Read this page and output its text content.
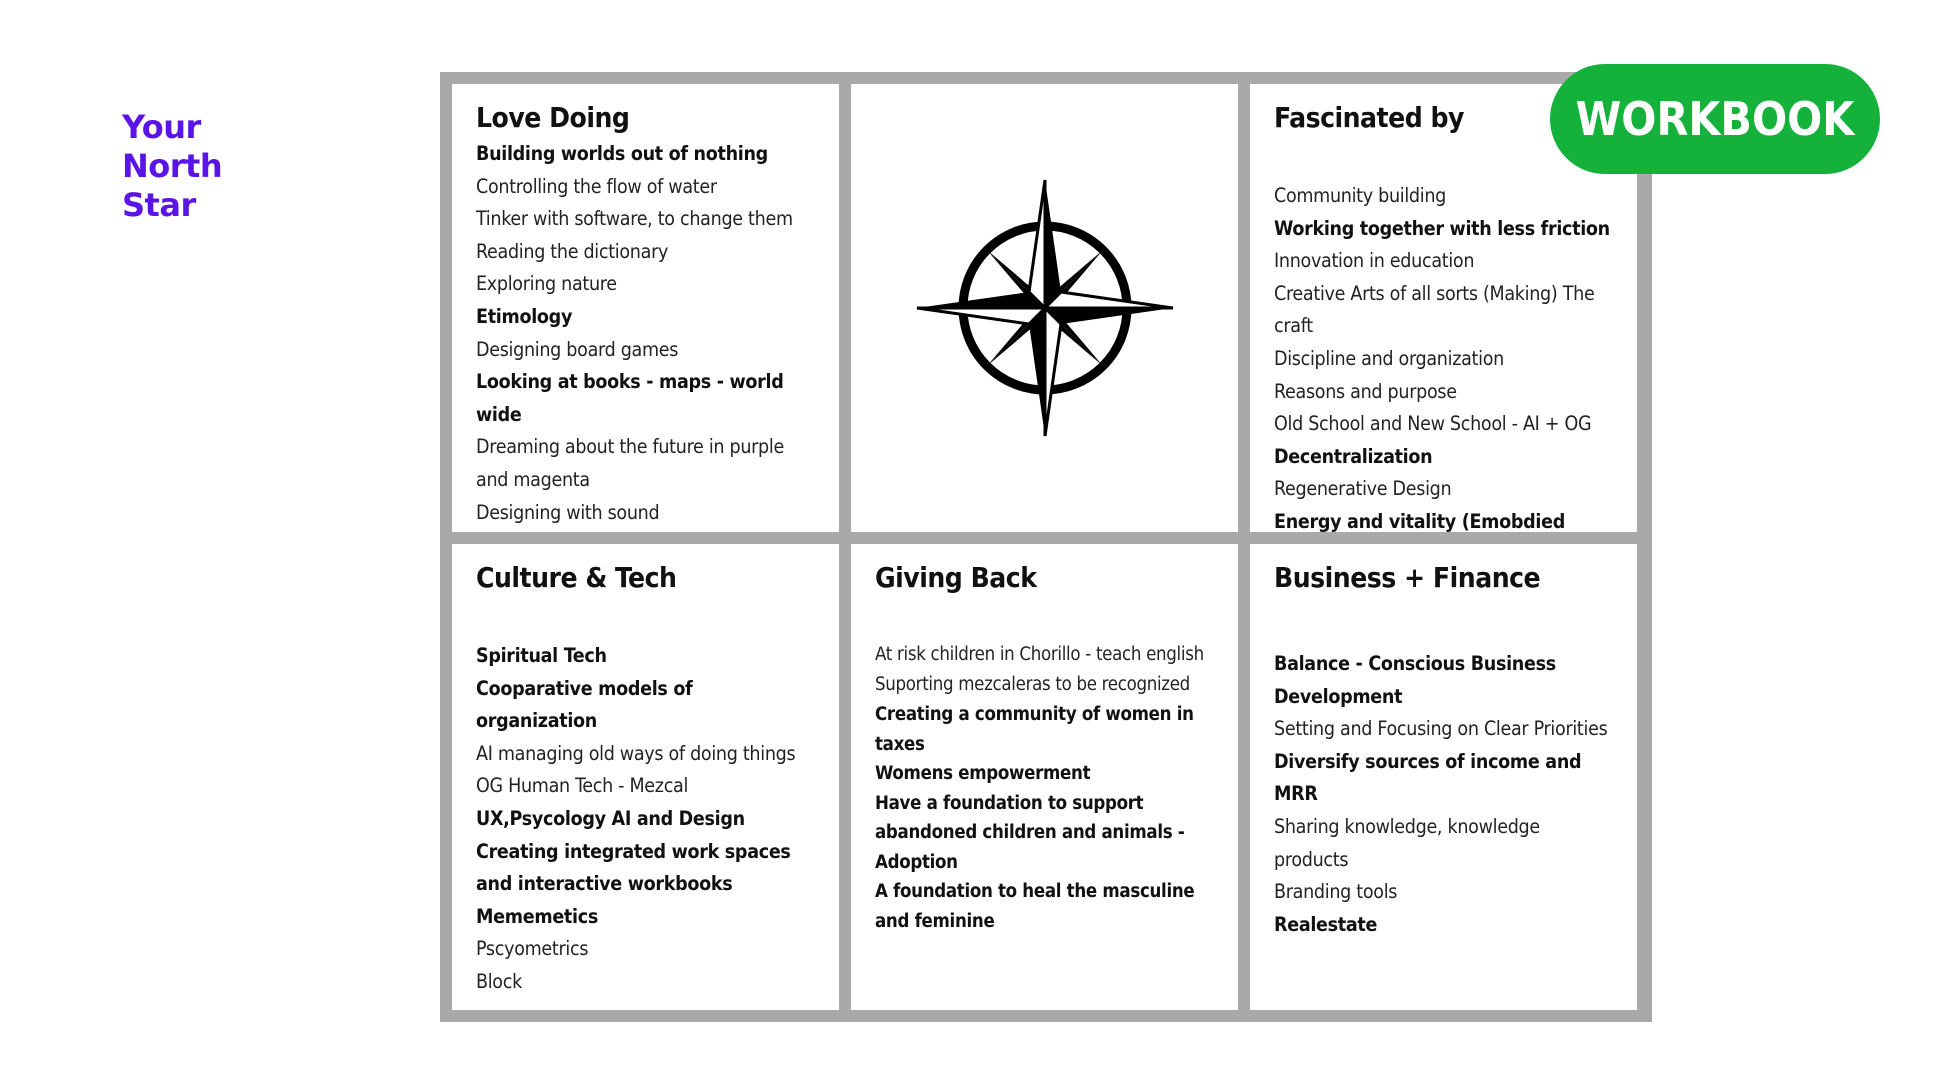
Your
North
Star
Love Doing
Building worlds out of nothing
Controlling the flow of water
Tinker with software, to change them
Reading the dictionary
Exploring nature
Etimology
Designing board games
Looking at books - maps - world wide
Dreaming about the future in purple and magenta
Designing with sound
Fascinated by
Community building
Working together with less friction
Innovation in education
Creative Arts of all sorts (Making) The craft
Discipline and organization
Reasons and purpose
Old School and New School - AI + OG
Decentralization
Regenerative Design
Energy and vitality (Emobdied
Culture & Tech
Spiritual Tech
Cooparative models of organization
AI managing old ways of doing things
OG Human Tech - Mezcal
UX,Psycology AI and Design
Creating integrated work spaces and interactive workbooks
Mememetics
Pscyometrics
Block
Giving Back
At risk children in Chorillo - teach english
Suporting mezcaleras to be recognized
Creating a community of women in taxes
Womens empowerment
Have a foundation to support abandoned children and animals - Adoption
A foundation to heal the masculine and feminine
Business + Finance
Balance - Conscious Business Development
Setting and Focusing on Clear Priorities
Diversify sources of income and MRR
Sharing knowledge, knowledge products
Branding tools
Realestate
WORKBOOK
